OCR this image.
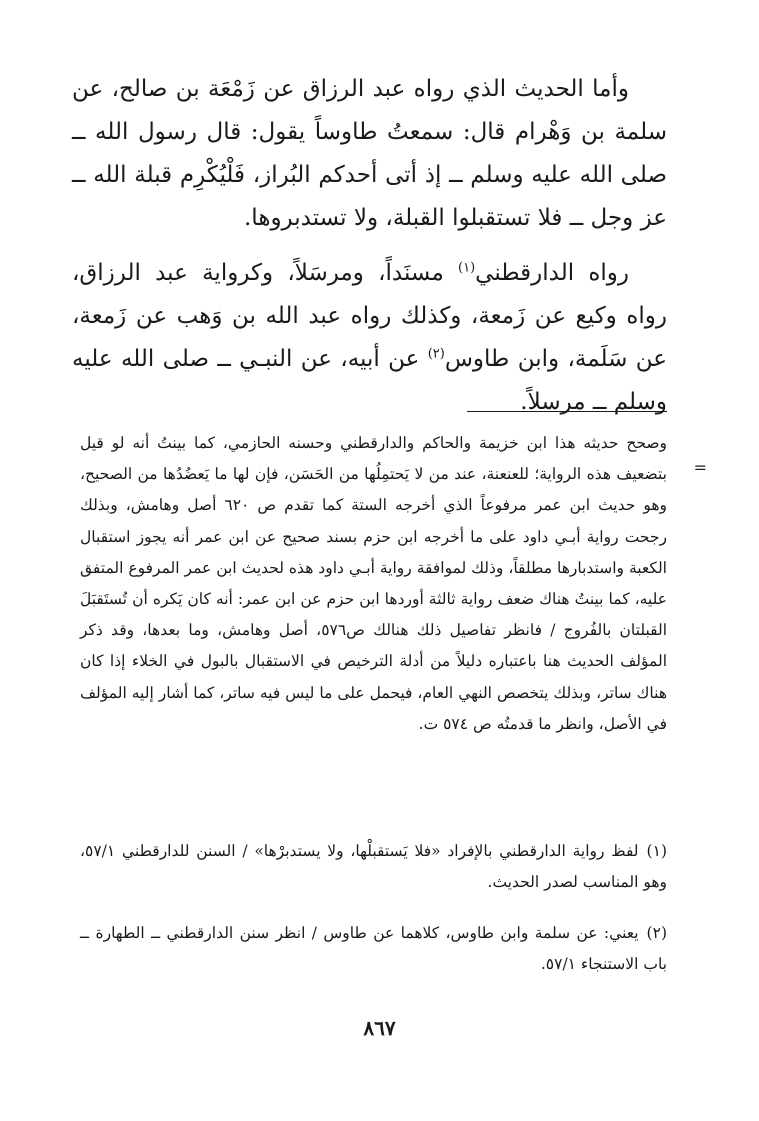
وأما الحديث الذي رواه عبد الرزاق عن زَمْعَة بن صالح، عن سلمة بن وَهْرام قال: سمعتُ طاوساً يقول: قال رسول الله ــ صلى الله عليه وسلم ــ إذ أتى أحدكم البُراز، فَلْيُكْرِم قبلة الله ــ عز وجل ــ فلا تستقبلوا القبلة، ولا تستدبروها.

رواه الدارقطني$^{(١)}$ مسنَداً، ومرسَلاً، وكرواية عبد الرزاق، رواه وكيع عن زَمعة، وكذلك رواه عبد الله بن وَهب عن زَمعة، عن سَلَمة، وابن طاوس$^{(٢)}$ عن أبيه، عن النبـي ــ صلى الله عليه وسلم ــ مرسلاً.

وصحح حديثه هذا ابن خزيمة والحاكم والدارقطني وحسنه الحازمي، كما بينتُ أنه لو قيل بتضعيف هذه الرواية؛ للعنعنة، عند من لا يَحتمِلُها من الحَسَن، فإن لها ما يَعضُدُها من الصحيح، وهو حديث ابن عمر مرفوعاً الذي أخرجه الستة كما تقدم ص ٦٢٠ أصل وهامش، وبذلك رجحت رواية أبـي داود على ما أخرجه ابن حزم بسند صحيح عن ابن عمر أنه يجوز استقبال الكعبة واستدبارها مطلقاً، وذلك لموافقة رواية أبـي داود هذه لحديث ابن عمر المرفوع المتفق عليه، كما بينتُ هناك ضعف رواية ثالثة أوردها ابن حزم عن ابن عمر: أنه كان يَكره أن تُستَقبَلَ القبلتان بالفُروج / فانظر تفاصيل ذلك هنالك ص٥٧٦، أصل وهامش، وما بعدها، وقد ذكر المؤلف الحديث هنا باعتباره دليلاً من أدلة الترخيص في الاستقبال بالبول في الخلاء إذا كان هناك ساتر، وبذلك يتخصص النهي العام، فيحمل على ما ليس فيه ساتر، كما أشار إليه المؤلف في الأصل، وانظر ما قدمتُه ص ٥٧٤ ت.

=
(١)لفظ رواية الدارقطني بالإفراد «فلا يَستقبلْها، ولا يستدبرْها» / السنن للدارقطني ٥٧/١، وهو المناسب لصدر الحديث.
(٢)يعني: عن سلمة وابن طاوس، كلاهما عن طاوس / انظر سنن الدارقطني ــ الطهارة ــ باب الاستنجاء ٥٧/١.
٨٦٧
